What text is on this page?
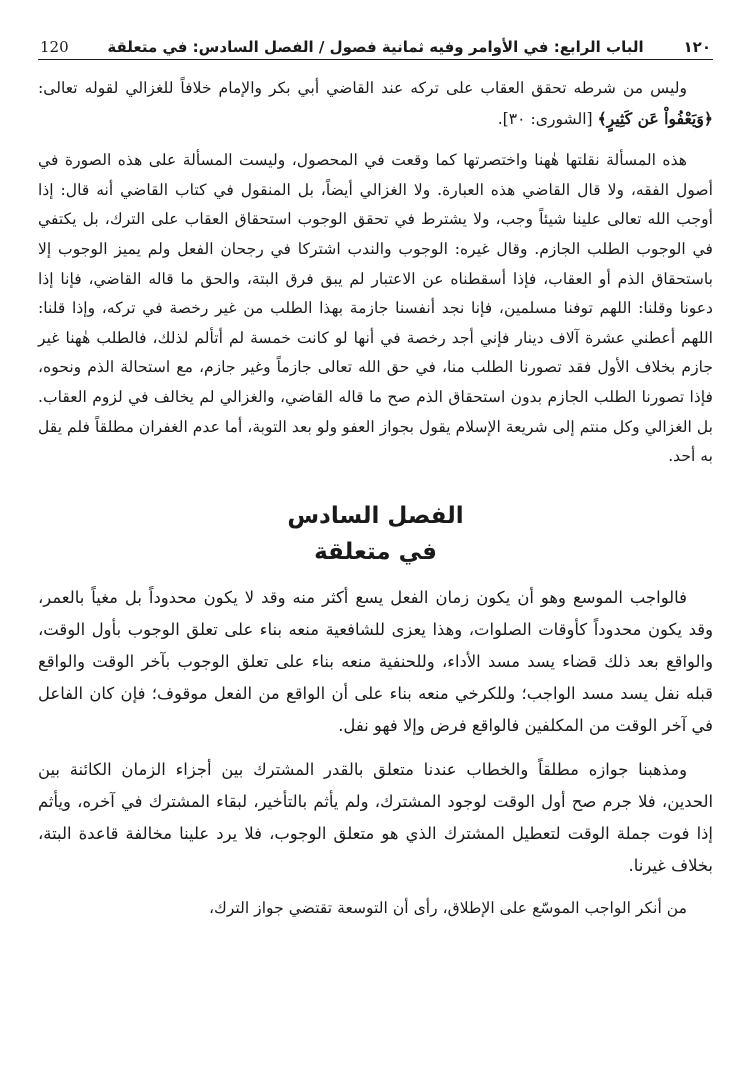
١٢٠
الباب الرابع: في الأوامر وفيه ثمانية فصول / الفصل السادس: في متعلقة
120

وليس من شرطه تحقق العقاب على تركه عند القاضي أبي بكر والإمام خلافاً للغزالي لقوله تعالى: ﴿وَيَعْفُواْ عَن كَثِيرٍ﴾ [الشورى: ٣٠].

هذه المسألة نقلتها هٰهنا واختصرتها كما وقعت في المحصول، وليست المسألة على هذه الصورة في أصول الفقه، ولا قال القاضي هذه العبارة. ولا الغزالي أيضاً، بل المنقول في كتاب القاضي أنه قال: إذا أوجب الله تعالى علينا شيئاً وجب، ولا يشترط في تحقق الوجوب استحقاق العقاب على الترك، بل يكتفي في الوجوب الطلب الجازم. وقال غيره: الوجوب والندب اشتركا في رجحان الفعل ولم يميز الوجوب إلا باستحقاق الذم أو العقاب، فإذا أسقطناه عن الاعتبار لم يبق فرق البتة، والحق ما قاله القاضي، فإنا إذا دعونا وقلنا: اللهم توفنا مسلمين، فإنا نجد أنفسنا جازمة بهذا الطلب من غير رخصة في تركه، وإذا قلنا: اللهم أعطني عشرة آلاف دينار فإني أجد رخصة في أنها لو كانت خمسة لم أتألم لذلك، فالطلب هٰهنا غير جازم بخلاف الأول فقد تصورنا الطلب منا، في حق الله تعالى جازماً وغير جازم، مع استحالة الذم ونحوه، فإذا تصورنا الطلب الجازم بدون استحقاق الذم صح ما قاله القاضي، والغزالي لم يخالف في لزوم العقاب. بل الغزالي وكل منتم إلى شريعة الإسلام يقول بجواز العفو ولو بعد التوبة، أما عدم الغفران مطلقاً فلم يقل به أحد.

الفصل السادس
في متعلقة

فالواجب الموسع وهو أن يكون زمان الفعل يسع أكثر منه وقد لا يكون محدوداً بل مغياً بالعمر، وقد يكون محدوداً كأوقات الصلوات، وهذا يعزى للشافعية منعه بناء على تعلق الوجوب بأول الوقت، والواقع بعد ذلك قضاء يسد مسد الأداء، وللحنفية منعه بناء على تعلق الوجوب بآخر الوقت والواقع قبله نفل يسد مسد الواجب؛ وللكرخي منعه بناء على أن الواقع من الفعل موقوف؛ فإن كان الفاعل في آخر الوقت من المكلفين فالواقع فرض وإلا فهو نفل.

ومذهبنا جوازه مطلقاً والخطاب عندنا متعلق بالقدر المشترك بين أجزاء الزمان الكائنة بين الحدين، فلا جرم صح أول الوقت لوجود المشترك، ولم يأثم بالتأخير، لبقاء المشترك في آخره، ويأثم إذا فوت جملة الوقت لتعطيل المشترك الذي هو متعلق الوجوب، فلا يرد علينا مخالفة قاعدة البتة، بخلاف غيرنا.

من أنكر الواجب الموسّع على الإطلاق، رأى أن التوسعة تقتضي جواز الترك،
